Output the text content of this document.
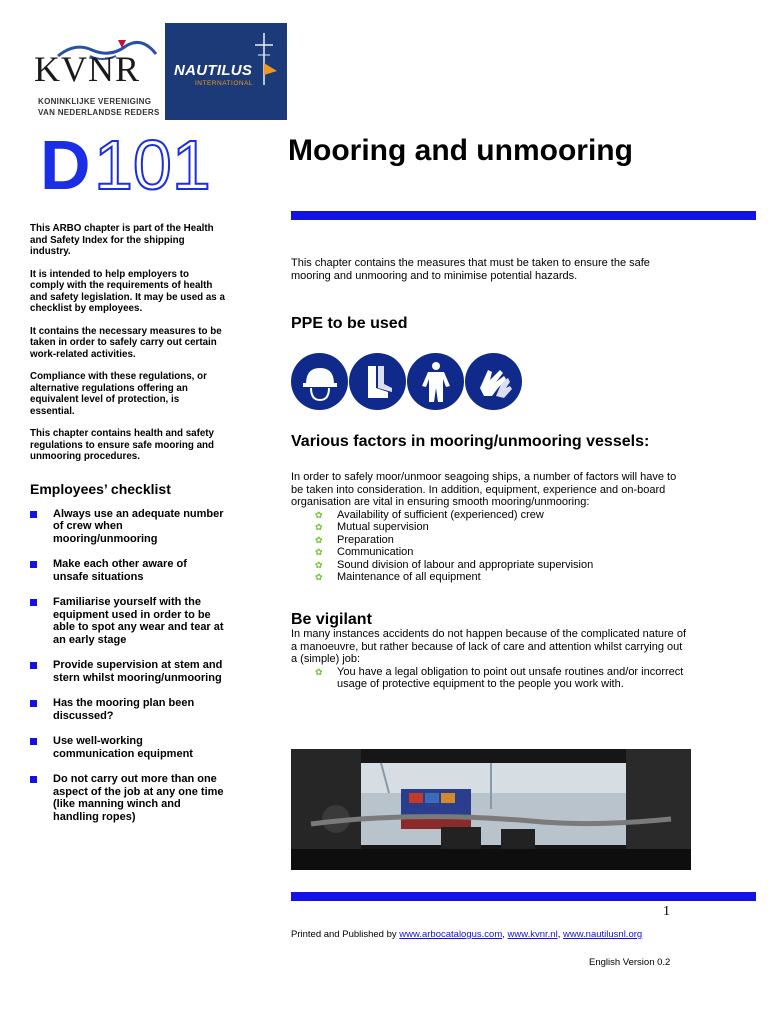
KVNR
KONINKLIJKE VERENIGING
VAN NEDERLANDSE REDERS
NAUTILUS
INTERNATIONAL
D 101	Mooring and unmooring

This ARBO chapter is part of the Health and Safety Index for the shipping industry.

It is intended to help employers to comply with the requirements of health and safety legislation. It may be used as a checklist by employees.

It contains the necessary measures to be taken in order to safely carry out certain work-related activities.

Compliance with these regulations, or alternative regulations offering an equivalent level of protection, is essential.

This chapter contains health and safety regulations to ensure safe mooring and unmooring procedures.

Employees’ checklist
Always use an adequate number of crew when mooring/unmooring
Make each other aware of unsafe situations
Familiarise yourself with the equipment used in order to be able to spot any wear and tear at an early stage
Provide supervision at stem and stern whilst mooring/unmooring
Has the mooring plan been discussed?
Use well-working communication equipment
Do not carry out more than one aspect of the job at any one time (like manning winch and handling ropes)
This chapter contains the measures that must be taken to ensure the safe mooring and unmooring and to minimise potential hazards.
PPE to be used
Various factors in mooring/unmooring vessels:
In order to safely moor/unmoor seagoing ships, a number of factors will have to be taken into consideration. In addition, equipment, experience and on-board organisation are vital in ensuring smooth mooring/unmooring:
✿	Availability of sufficient (experienced) crew
✿	Mutual supervision
✿	Preparation
✿	Communication
✿	Sound division of labour and appropriate supervision
✿	Maintenance of all equipment
Be vigilant
In many instances accidents do not happen because of the complicated nature of a manoeuvre, but rather because of lack of care and attention whilst carrying out a (simple) job:
✿	You have a legal obligation to point out unsafe routines and/or incorrect usage of protective equipment to the people you work with.
1
Printed and Published by www.arbocatalogus.com, www.kvnr.nl, www.nautilusnl.org
English Version 0.2
